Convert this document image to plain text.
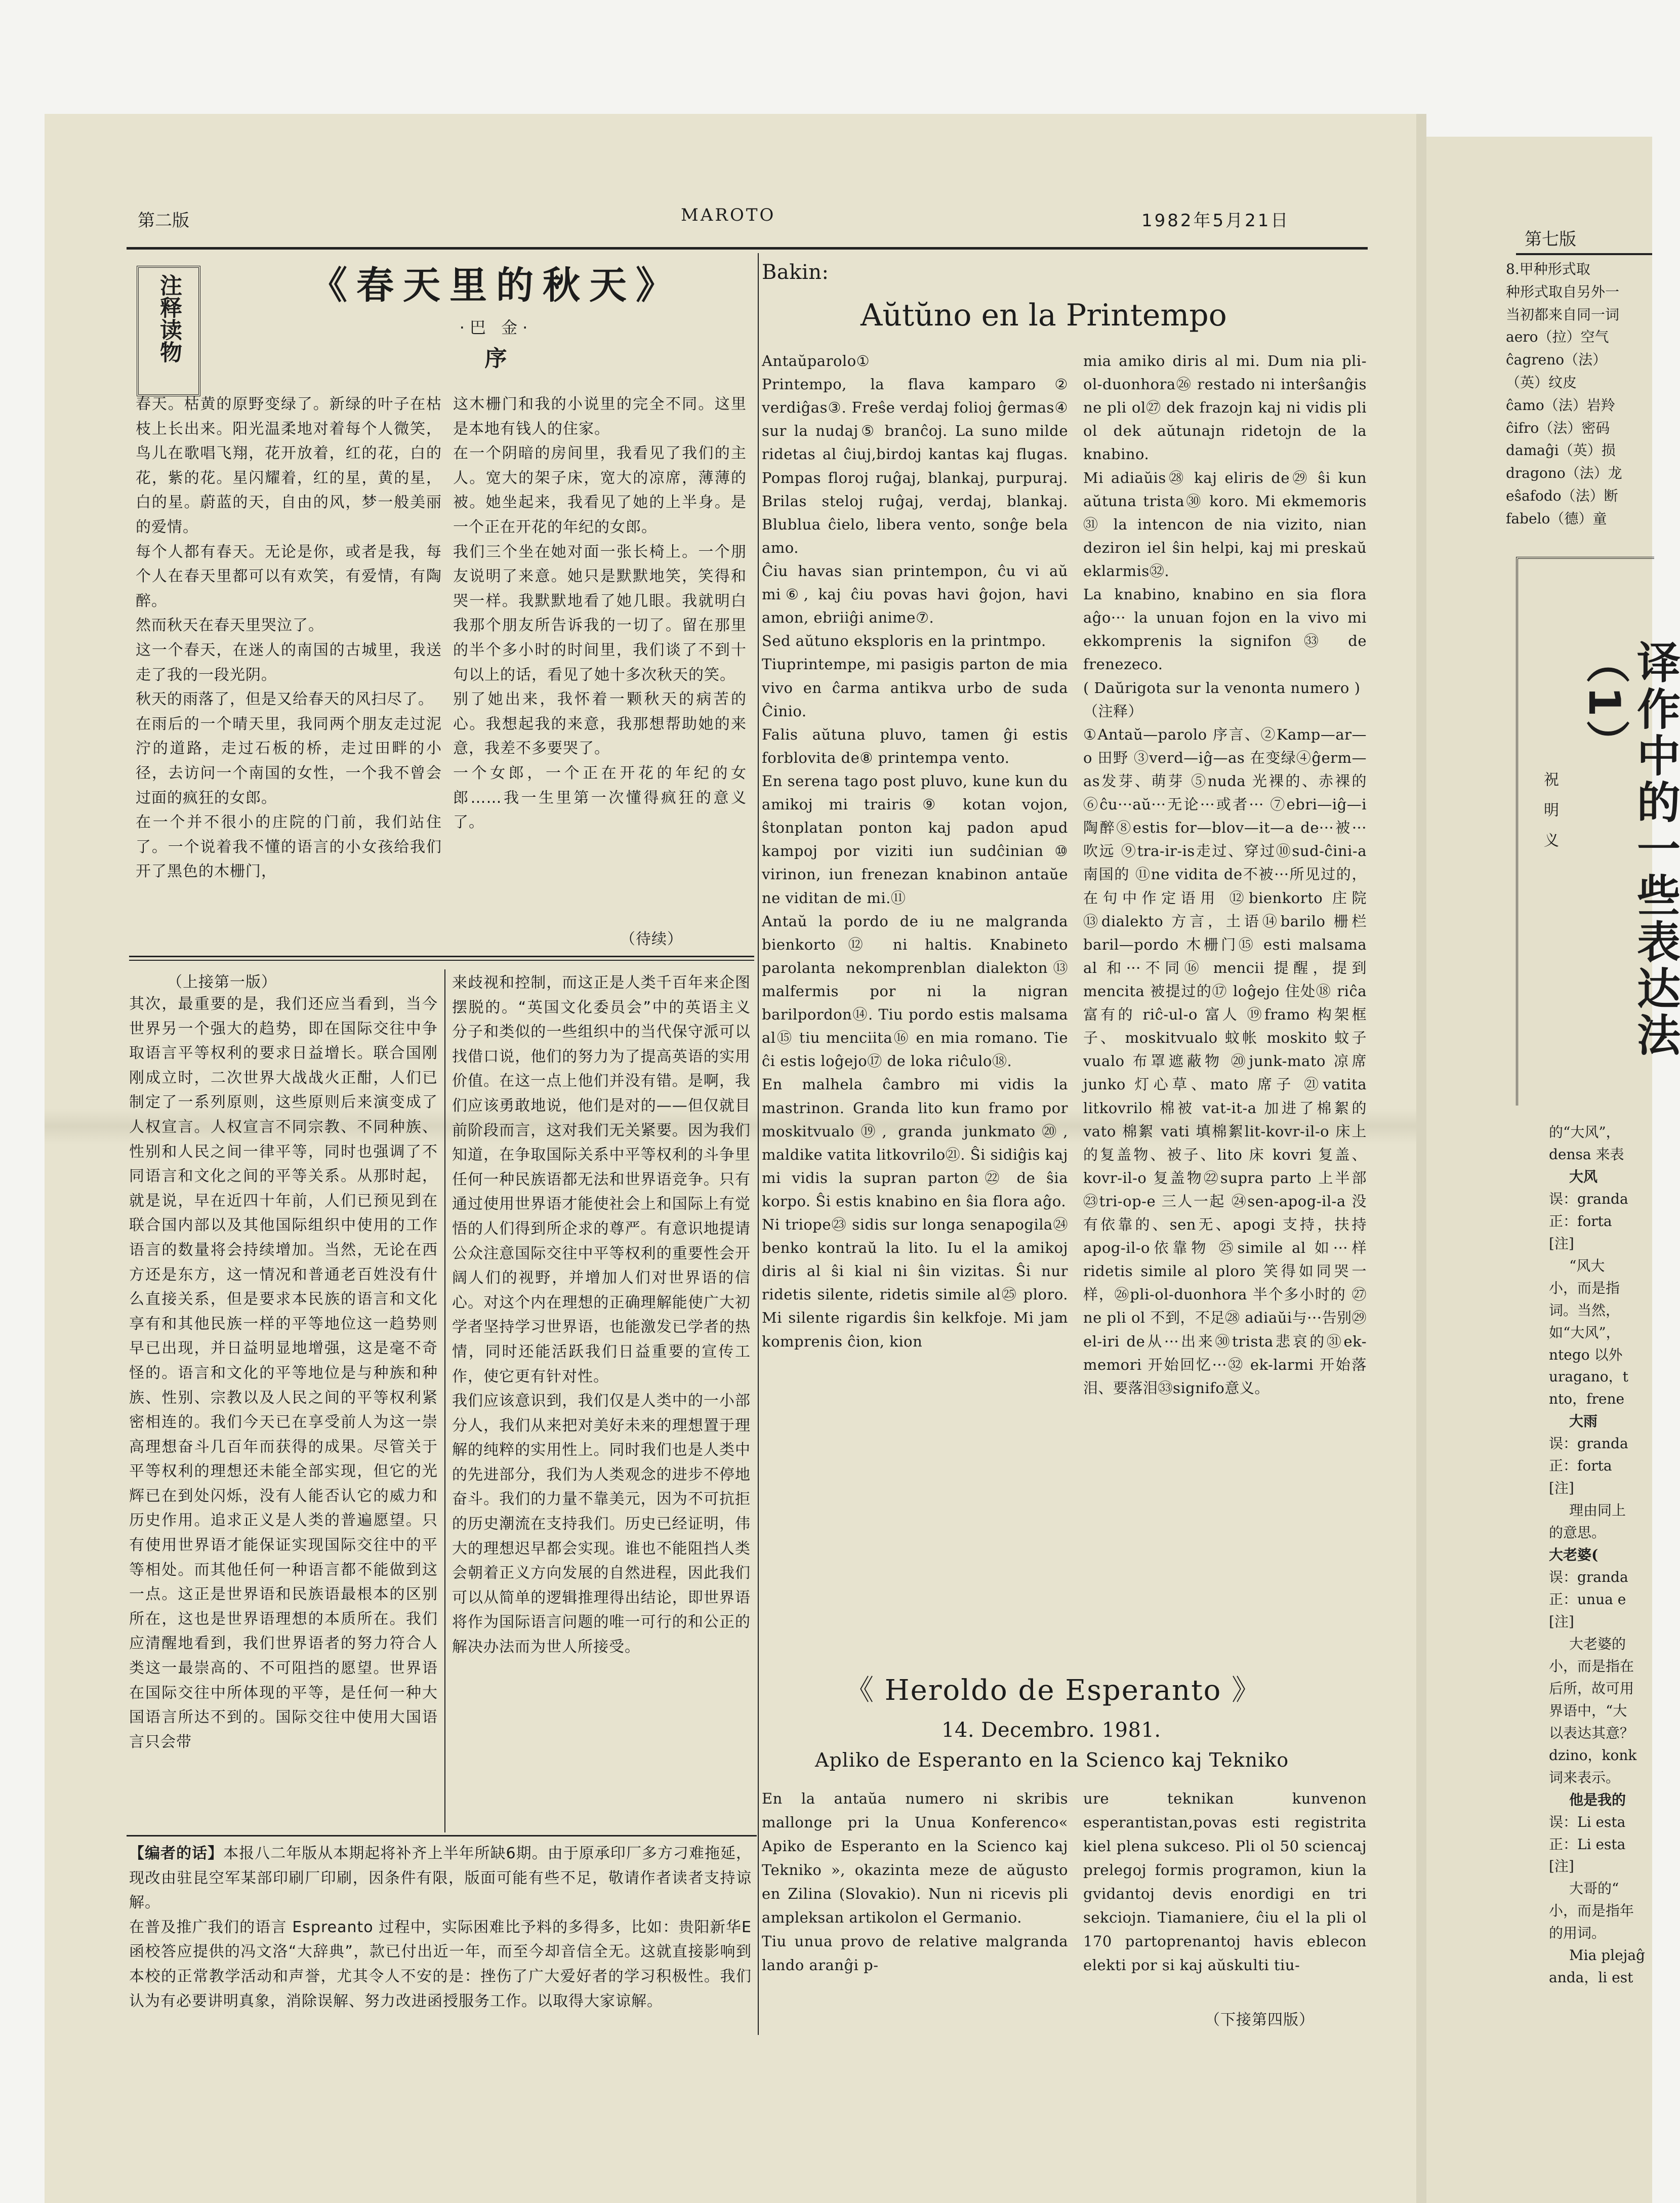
第二版	MAROTO	1982年5月21日
注释读物	《春天里的秋天》
·巴 金·
序
春天。枯黄的原野变绿了。新绿的叶子在枯枝上长出来。阳光温柔地对着每个人微笑，鸟儿在歌唱飞翔，花开放着，红的花，白的花，紫的花。星闪耀着，红的星，黄的星，白的星。蔚蓝的天，自由的风，梦一般美丽的爱情。
每个人都有春天。无论是你，或者是我，每个人在春天里都可以有欢笑，有爱情，有陶醉。
然而秋天在春天里哭泣了。
这一个春天，在迷人的南国的古城里，我送走了我的一段光阴。
秋天的雨落了，但是又给春天的风扫尽了。
在雨后的一个晴天里，我同两个朋友走过泥泞的道路，走过石板的桥，走过田畔的小径，去访问一个南国的女性，一个我不曾会过面的疯狂的女郎。
在一个并不很小的庄院的门前，我们站住了。一个说着我不懂的语言的小女孩给我们开了黑色的木栅门，
这木栅门和我的小说里的完全不同。这里是本地有钱人的住家。
在一个阴暗的房间里，我看见了我们的主人。宽大的架子床，宽大的凉席，薄薄的被。她坐起来，我看见了她的上半身。是一个正在开花的年纪的女郎。
我们三个坐在她对面一张长椅上。一个朋友说明了来意。她只是默默地笑，笑得和哭一样。我默默地看了她几眼。我就明白我那个朋友所告诉我的一切了。留在那里的半个多小时的时间里，我们谈了不到十句以上的话，看见了她十多次秋天的笑。
别了她出来，我怀着一颗秋天的病苦的心。我想起我的来意，我那想帮助她的来意，我差不多要哭了。
一个女郎，一个正在开花的年纪的女郎……我一生里第一次懂得疯狂的意义了。
（待续）
（上接第一版）
其次，最重要的是，我们还应当看到，当今世界另一个强大的趋势，即在国际交往中争取语言平等权利的要求日益增长。联合国刚刚成立时，二次世界大战战火正酣，人们已制定了一系列原则，这些原则后来演变成了人权宣言。人权宣言不同宗教、不同种族、性别和人民之间一律平等，同时也强调了不同语言和文化之间的平等关系。从那时起，就是说，早在近四十年前，人们已预见到在联合国内部以及其他国际组织中使用的工作语言的数量将会持续增加。当然，无论在西方还是东方，这一情况和普通老百姓没有什么直接关系，但是要求本民族的语言和文化享有和其他民族一样的平等地位这一趋势则早已出现，并日益明显地增强，这是毫不奇怪的。语言和文化的平等地位是与种族和种族、性别、宗教以及人民之间的平等权利紧密相连的。我们今天已在享受前人为这一崇高理想奋斗几百年而获得的成果。尽管关于平等权利的理想还未能全部实现，但它的光辉已在到处闪烁，没有人能否认它的威力和历史作用。追求正义是人类的普遍愿望。只有使用世界语才能保证实现国际交往中的平等相处。而其他任何一种语言都不能做到这一点。这正是世界语和民族语最根本的区别所在，这也是世界语理想的本质所在。我们应清醒地看到，我们世界语者的努力符合人类这一最崇高的、不可阻挡的愿望。世界语在国际交往中所体现的平等，是任何一种大国语言所达不到的。国际交往中使用大国语言只会带
来歧视和控制，而这正是人类千百年来企图摆脱的。“英国文化委员会”中的英语主义分子和类似的一些组织中的当代保守派可以找借口说，他们的努力为了提高英语的实用价值。在这一点上他们并没有错。是啊，我们应该勇敢地说，他们是对的——但仅就目前阶段而言，这对我们无关紧要。因为我们知道，在争取国际关系中平等权利的斗争里任何一种民族语都无法和世界语竞争。只有通过使用世界语才能使社会上和国际上有觉悟的人们得到所企求的尊严。有意识地提请公众注意国际交往中平等权利的重要性会开阔人们的视野，并增加人们对世界语的信心。对这个内在理想的正确理解能使广大初学者坚持学习世界语，也能激发已学者的热情，同时还能活跃我们日益重要的宣传工作，使它更有针对性。
我们应该意识到，我们仅是人类中的一小部分人，我们从来把对美好未来的理想置于理解的纯粹的实用性上。同时我们也是人类中的先进部分，我们为人类观念的进步不停地奋斗。我们的力量不靠美元，因为不可抗拒的历史潮流在支持我们。历史已经证明，伟大的理想迟早都会实现。谁也不能阻挡人类会朝着正义方向发展的自然进程，因此我们可以从简单的逻辑推理得出结论，即世界语将作为国际语言问题的唯一可行的和公正的解决办法而为世人所接受。
【编者的话】本报八二年版从本期起将补齐上半年所缺6期。由于原承印厂多方刁难拖延，现改由驻昆空军某部印刷厂印刷，因条件有限，版面可能有些不足，敬请作者读者支持谅解。
在普及推广我们的语言 Espreanto 过程中，实际困难比予料的多得多，比如：贵阳新华E函校答应提供的冯文洛“大辞典”，款已付出近一年，而至今却音信全无。这就直接影响到本校的正常教学活动和声誉，尤其令人不安的是：挫伤了广大爱好者的学习积极性。我们认为有必要讲明真象，消除误解、努力改进函授服务工作。以取得大家谅解。
Bakin:
Aŭtŭno en la Printempo
Antaŭparolo①
Printempo, la flava kamparo② verdiĝas③. Freŝe verdaj folioj ĝermas④ sur la nudaj⑤ branĉoj. La suno milde ridetas al ĉiuj,birdoj kantas kaj flugas. Pompas floroj ruĝaj, blankaj, purpuraj. Brilas steloj ruĝaj, verdaj, blankaj. Blublua ĉielo, libera vento, sonĝe bela amo.
Ĉiu havas sian printempon, ĉu vi aŭ mi⑥, kaj ĉiu povas havi ĝojon, havi amon, ebriiĝi anime⑦.
Sed aŭtuno eksploris en la printmpo.
Tiuprintempe, mi pasigis parton de mia vivo en ĉarma antikva urbo de suda Ĉinio.
Falis aŭtuna pluvo, tamen ĝi estis forblovita de⑧ printempa vento.
En serena tago post pluvo, kune kun du amikoj mi trairis⑨ kotan vojon, ŝtonplatan ponton kaj padon apud kampoj por viziti iun sudĉinian⑩ virinon, iun frenezan knabinon antaŭe ne viditan de mi.⑪
Antaŭ la pordo de iu ne malgranda bienkorto⑫ ni haltis. Knabineto parolanta nekomprenblan dialekton⑬ malfermis por ni la nigran barilpordon⑭. Tiu pordo estis malsama al⑮ tiu menciita⑯ en mia romano. Tie ĉi estis loĝejo⑰ de loka riĉulo⑱.
En malhela ĉambro mi vidis la mastrinon. Granda lito kun framo por moskitvualo⑲, granda junkmato⑳, maldike vatita litkovrilo㉑. Ŝi sidiĝis kaj mi vidis la supran parton㉒ de ŝia korpo. Ŝi estis knabino en ŝia flora aĝo.
Ni triope㉓ sidis sur longa senapogila㉔ benko kontraŭ la lito. Iu el la amikoj diris al ŝi kial ni ŝin vizitas. Ŝi nur ridetis silente, ridetis simile al㉕ ploro. Mi silente rigardis ŝin kelkfoje. Mi jam komprenis ĉion, kion
mia amiko diris al mi. Dum nia pli-ol-duonhora㉖ restado ni interŝanĝis ne pli ol㉗ dek frazojn kaj ni vidis pli ol dek aŭtunajn ridetojn de la knabino.
Mi adiaŭis㉘ kaj eliris de㉙ ŝi kun aŭtuna trista㉚ koro. Mi ekmemoris㉛ la intencon de nia vizito, nian deziron iel ŝin helpi, kaj mi preskaŭ eklarmis㉜.
La knabino, knabino en sia flora aĝo··· la unuan fojon en la vivo mi ekkomprenis la signifon㉝ de frenezeco.
( Daŭrigota sur la venonta numero )
（注释）
①Antaŭ—parolo 序言、②Kamp—ar—o 田野 ③verd—iĝ—as 在变绿④ĝerm—as发芽、萌芽 ⑤nuda 光裸的、赤裸的 ⑥ĉu···aŭ···无论···或者··· ⑦ebri—iĝ—i 陶醉⑧estis for—blov—it—a de···被···吹远 ⑨tra-ir-is走过、穿过⑩sud-ĉini-a南国的 ⑪ne vidita de不被···所见过的，在句中作定语用 ⑫bienkorto 庄院⑬dialekto 方言，土语⑭barilo 栅栏 baril—pordo 木栅门⑮ esti malsama al 和···不同⑯ mencii 提醒，提到 mencita 被提过的⑰ loĝejo 住处⑱ riĉa 富有的 riĉ-ul-o 富人 ⑲framo 构架框子、 moskitvualo 蚊帐 moskito 蚊子 vualo 布罩遮蔽物 ⑳junk-mato 凉席 junko 灯心草、mato 席子 ㉑vatita litkovrilo 棉被 vat-it-a 加进了棉絮的 vato 棉絮 vati 填棉絮lit-kovr-il-o 床上的复盖物、被子、lito 床 kovri 复盖、kovr-il-o 复盖物㉒supra parto 上半部 ㉓tri-op-e 三人一起 ㉔sen-apog-il-a 没有依靠的、sen无、apogi 支持，扶持 apog-il-o依靠物 ㉕simile al 如···样 ridetis simile al ploro 笑得如同哭一样，㉖pli-ol-duonhora 半个多小时的 ㉗ne pli ol 不到，不足㉘ adiaŭi与···告别㉙el-iri de从···出来㉚trista悲哀的㉛ek-memori 开始回忆···㉜ ek-larmi 开始落泪、要落泪㉝signifo意义。
《 Heroldo de Esperanto 》
14. Decembro. 1981.
Apliko de Esperanto en la Scienco kaj Tekniko
En la antaŭa numero ni skribis mallonge pri la Unua Konferenco« Apiko de Esperanto en la Scienco kaj Tekniko », okazinta meze de aŭgusto en Zilina (Slovakio). Nun ni ricevis pli ampleksan artikolon el Germanio.
Tiu unua provo de relative malgranda lando aranĝi p-
ure teknikan kunvenon esperantistan,povas esti registrita kiel plena sukceso. Pli ol 50 sciencaj prelegoj formis programon, kiun la gvidantoj devis enordigi en tri sekciojn. Tiamaniere, ĉiu el la pli ol 170 partoprenantoj havis eblecon elekti por si kaj aŭskulti tiu-
（下接第四版）
第七版
8.甲种形式取
种形式取自另外一
当初都来自同一词
aero（拉）空气
ĉagreno（法）
（英）纹皮
ĉamo（法）岩羚
ĉifro（法）密码
damaĝi（英）损
dragono（法）龙
eŝafodo（法）断
fabelo（德）童
译作中的一些表达法（1）
祝明义
的“大风”，
densa 来表
大风
误：granda
正：forta
[注]
“风大
小，而是指
词。当然，
如“大风”，
ntego 以外
uragano，t
nto，frene
大雨
误：granda
正：forta
[注]
理由同上
的意思。
大老婆(
误：granda
正：unua e
[注]
大老婆的
小，而是指在
后所，故可用
界语中，“大
以表达其意？
dzino，konk
词来表示。
他是我的
误：Li esta
正：Li esta
[注]
大哥的“
小，而是指年
的用词。
Mia plejaĝ
anda，li est
